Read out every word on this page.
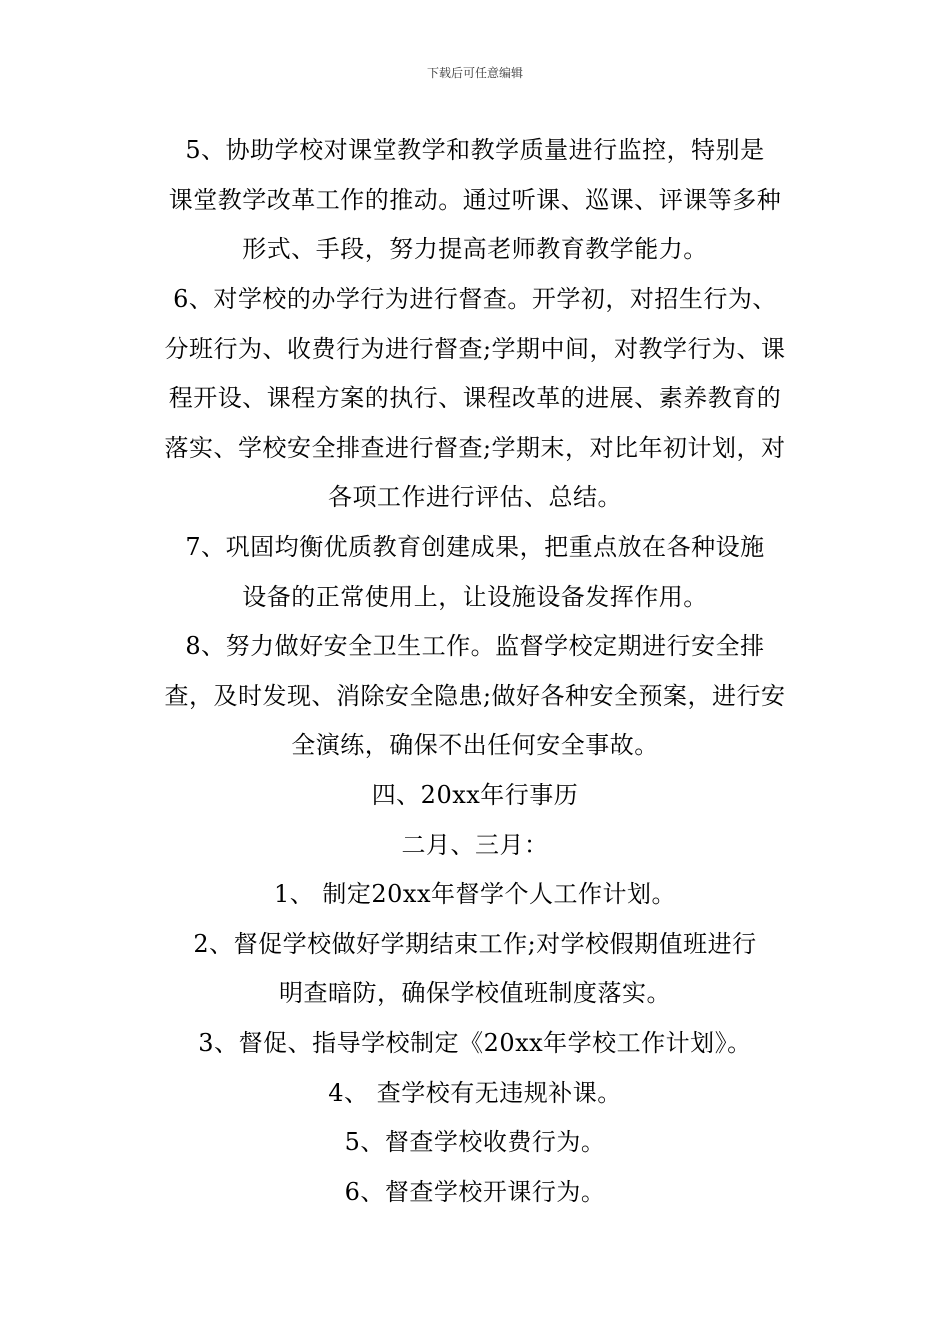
下载后可任意编辑
5、协助学校对课堂教学和教学质量进行监控，特别是
课堂教学改革工作的推动。通过听课、巡课、评课等多种
形式、手段，努力提高老师教育教学能力。
6、对学校的办学行为进行督查。开学初，对招生行为、
分班行为、收费行为进行督查;学期中间，对教学行为、课
程开设、课程方案的执行、课程改革的进展、素养教育的
落实、学校安全排查进行督查;学期末，对比年初计划，对
各项工作进行评估、总结。
7、巩固均衡优质教育创建成果，把重点放在各种设施
设备的正常使用上，让设施设备发挥作用。
8、努力做好安全卫生工作。监督学校定期进行安全排
查，及时发现、消除安全隐患;做好各种安全预案，进行安
全演练，确保不出任何安全事故。
四、20xx年行事历
二月、三月：
1、 制定20xx年督学个人工作计划。
2、督促学校做好学期结束工作;对学校假期值班进行
明查暗防，确保学校值班制度落实。
3、督促、指导学校制定《20xx年学校工作计划》。
4、 查学校有无违规补课。
5、督查学校收费行为。
6、督查学校开课行为。
